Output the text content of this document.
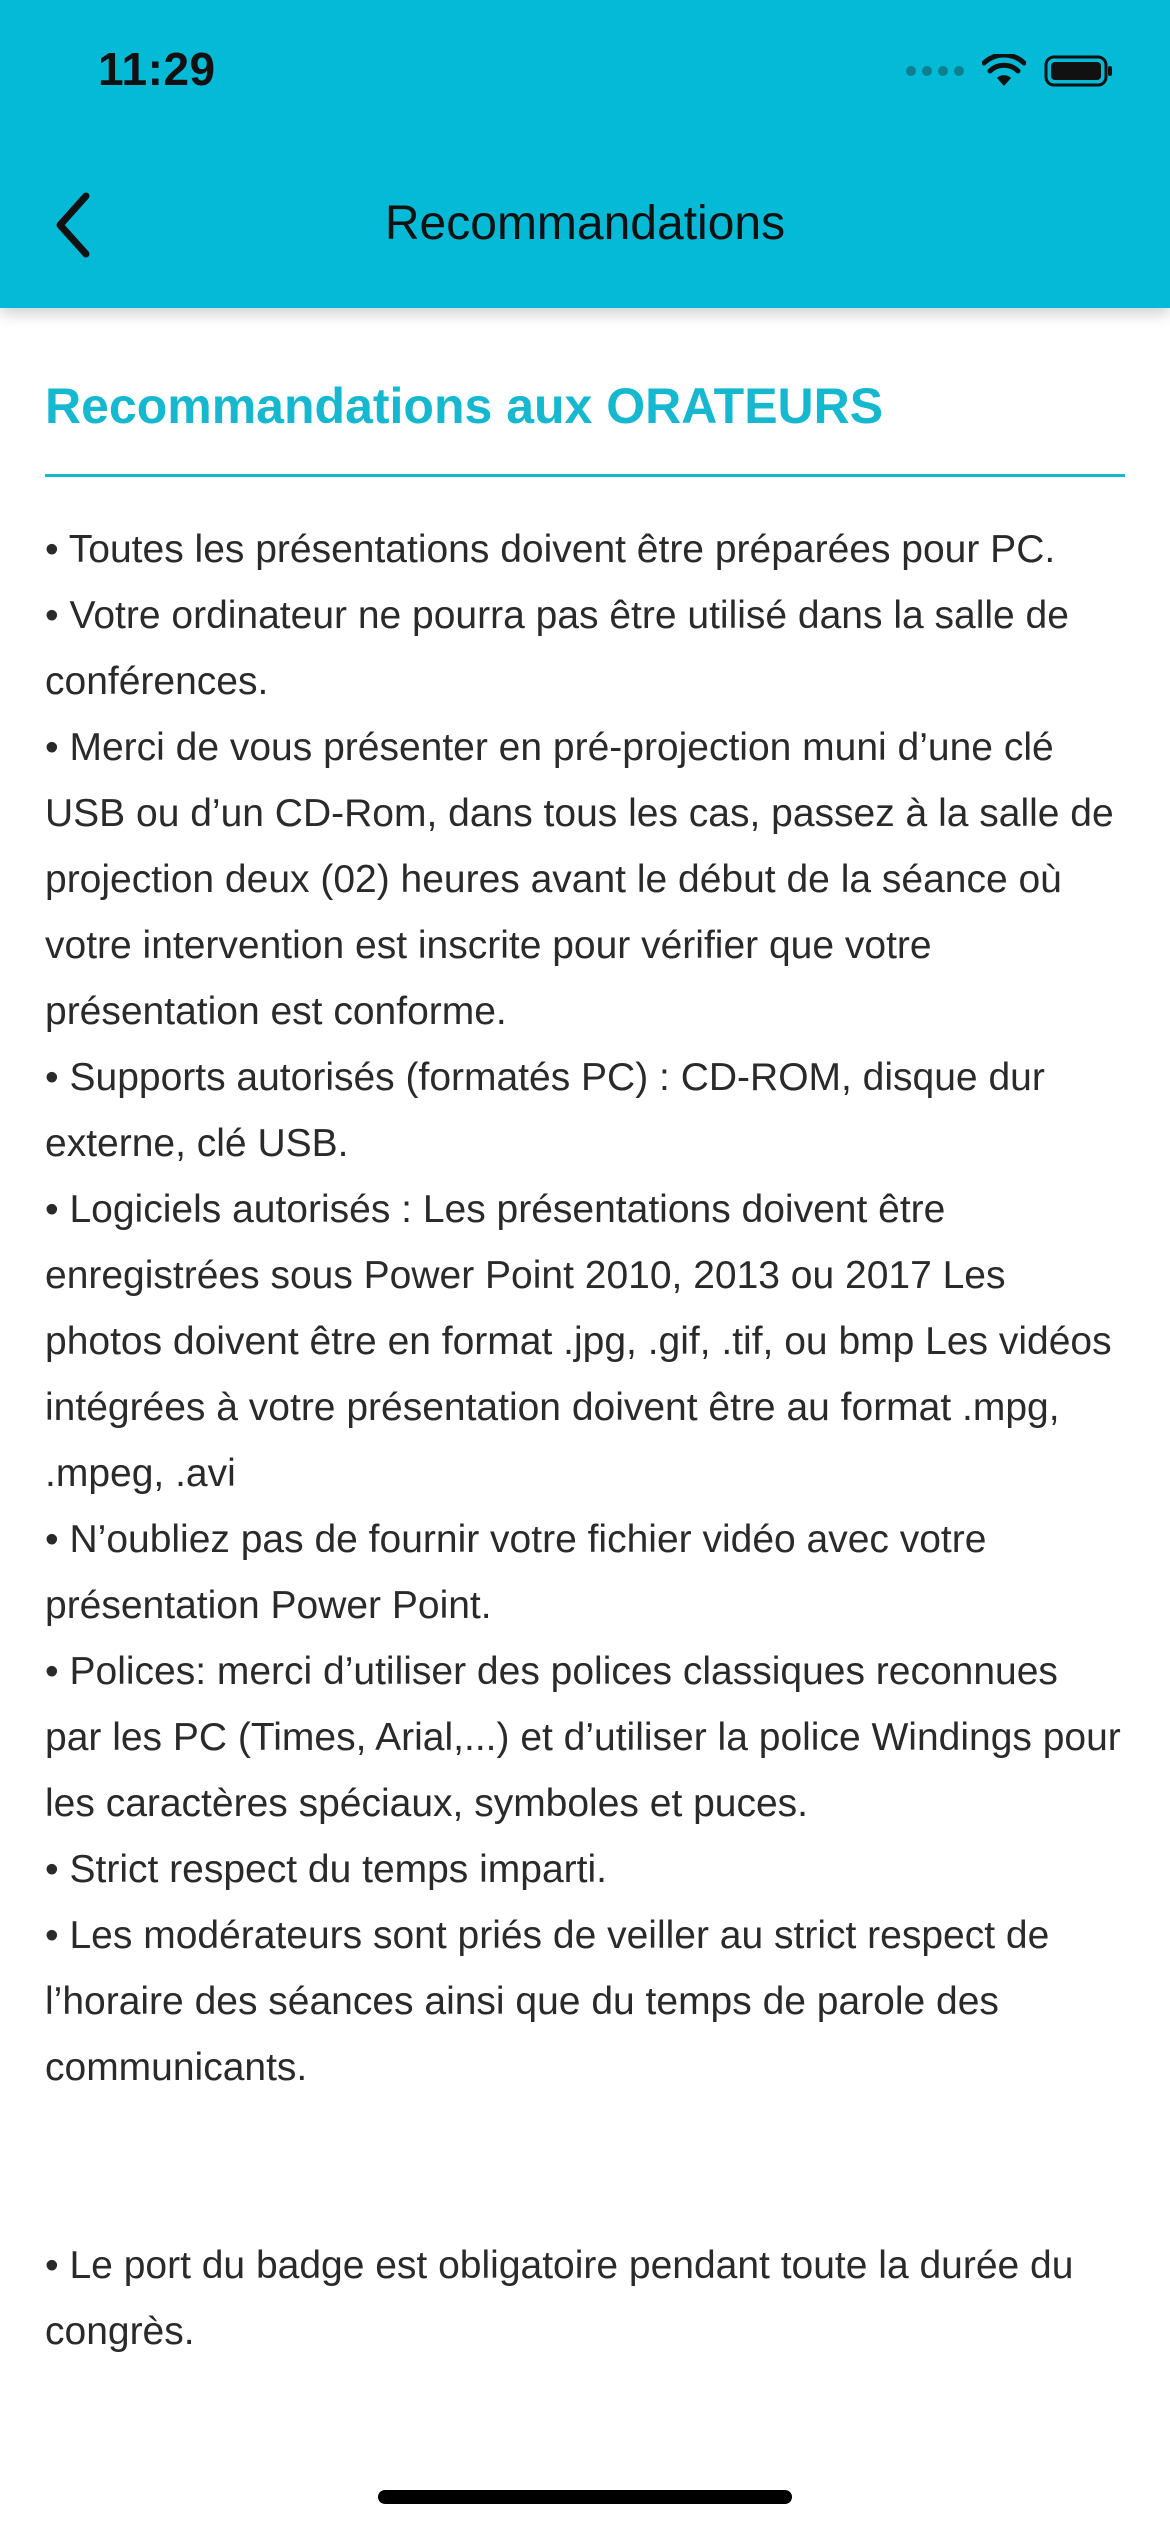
11:29
Recommandations
Recommandations aux ORATEURS
• Toutes les présentations doivent être préparées pour PC.
• Votre ordinateur ne pourra pas être utilisé dans la salle de conférences.
• Merci de vous présenter en pré-projection muni d’une clé USB ou d’un CD-Rom, dans tous les cas, passez à la salle de projection deux (02) heures avant le début de la séance où votre intervention est inscrite pour vérifier que votre présentation est conforme.
• Supports autorisés (formatés PC) : CD-ROM, disque dur externe, clé USB.
• Logiciels autorisés : Les présentations doivent être enregistrées sous Power Point 2010, 2013 ou 2017 Les photos doivent être en format .jpg, .gif, .tif, ou bmp Les vidéos intégrées à votre présentation doivent être au format .mpg, .mpeg, .avi
• N’oubliez pas de fournir votre fichier vidéo avec votre présentation Power Point.
• Polices: merci d’utiliser des polices classiques reconnues par les PC (Times, Arial,...) et d’utiliser la police Windings pour les caractères spéciaux, symboles et puces.
• Strict respect du temps imparti.
• Les modérateurs sont priés de veiller au strict respect de l’horaire des séances ainsi que du temps de parole des communicants.

• Le port du badge est obligatoire pendant toute la durée du congrès.
